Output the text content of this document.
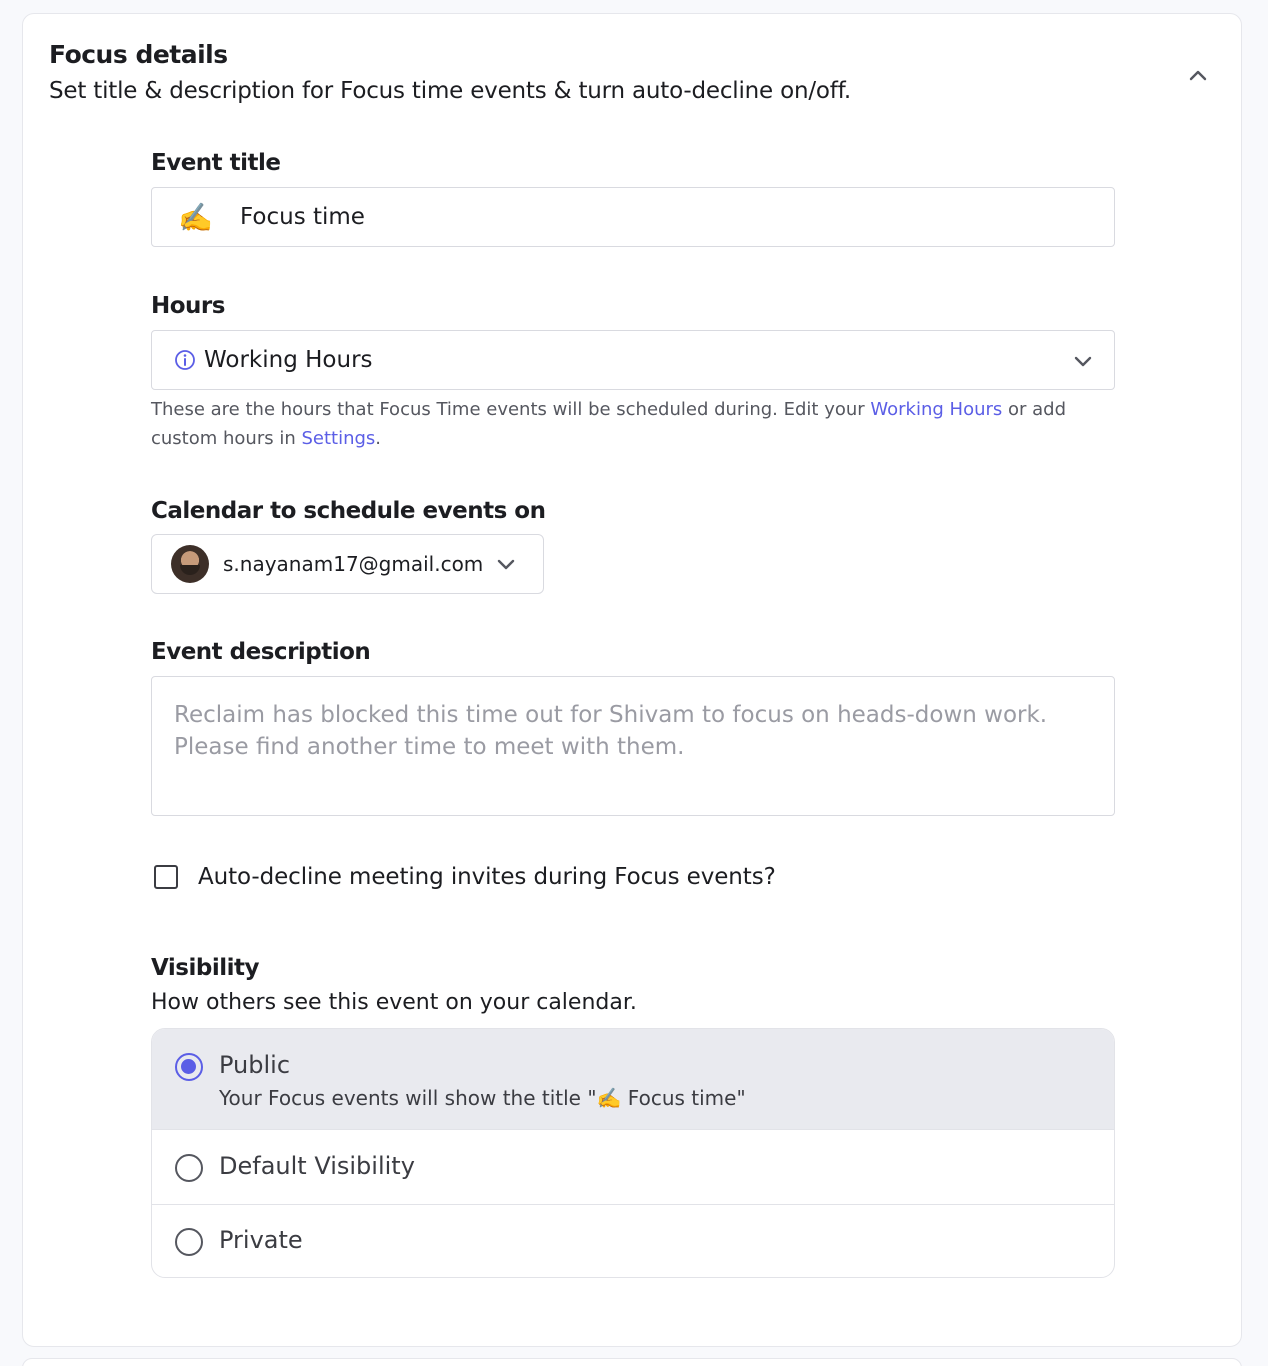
Focus details
Set title & description for Focus time events & turn auto-decline on/off.
Event title
✍️ Focus time
Hours
Working Hours
These are the hours that Focus Time events will be scheduled during. Edit your Working Hours or add custom hours in Settings.
Calendar to schedule events on
s.nayanam17@gmail.com
Event description
Reclaim has blocked this time out for Shivam to focus on heads-down work. Please find another time to meet with them.
Auto-decline meeting invites during Focus events?
Visibility
How others see this event on your calendar.
Public
Your Focus events will show the title "✍️ Focus time"
Default Visibility
Private
